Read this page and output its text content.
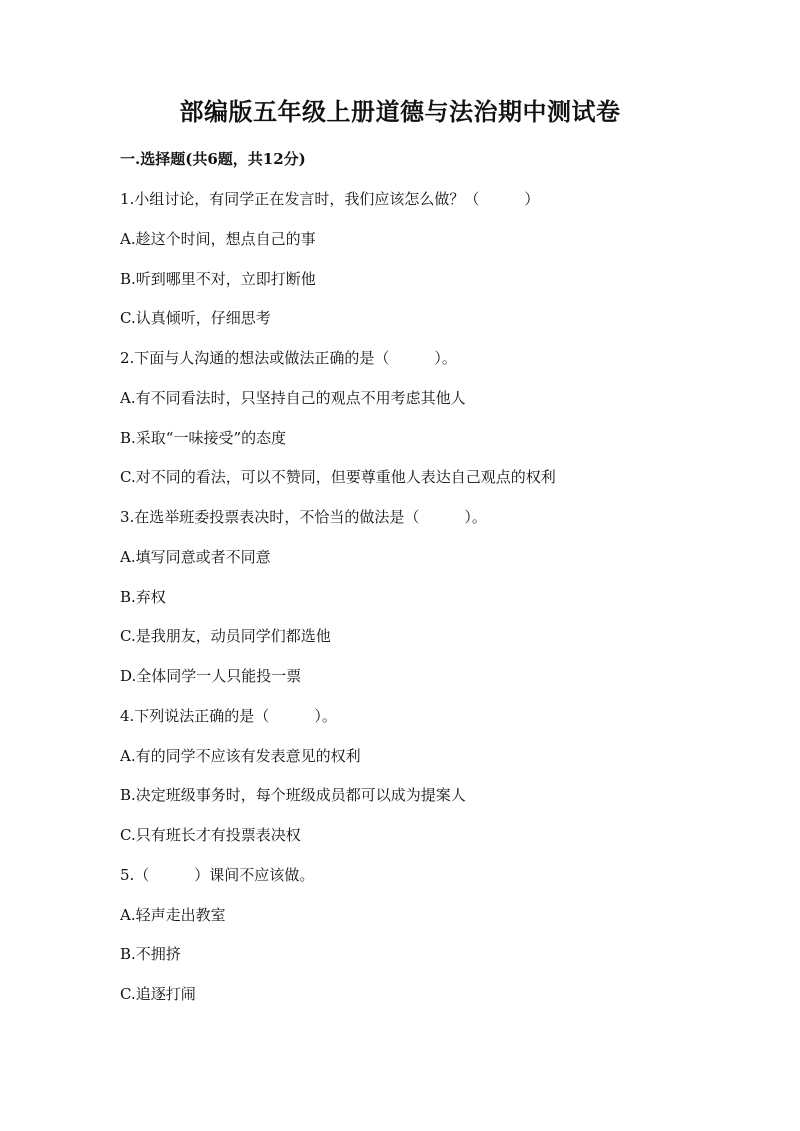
部编版五年级上册道德与法治期中测试卷
一.选择题(共6题，共12分)
1.小组讨论，有同学正在发言时，我们应该怎么做？（　　　）
A.趁这个时间，想点自己的事
B.听到哪里不对，立即打断他
C.认真倾听，仔细思考
2.下面与人沟通的想法或做法正确的是（　　　）。
A.有不同看法时，只坚持自己的观点不用考虑其他人
B.采取“一味接受”的态度
C.对不同的看法，可以不赞同，但要尊重他人表达自己观点的权利
3.在选举班委投票表决时，不恰当的做法是（　　　）。
A.填写同意或者不同意
B.弃权
C.是我朋友，动员同学们都选他
D.全体同学一人只能投一票
4.下列说法正确的是（　　　）。
A.有的同学不应该有发表意见的权利
B.决定班级事务时，每个班级成员都可以成为提案人
C.只有班长才有投票表决权
5.（　　　）课间不应该做。
A.轻声走出教室
B.不拥挤
C.追逐打闹
